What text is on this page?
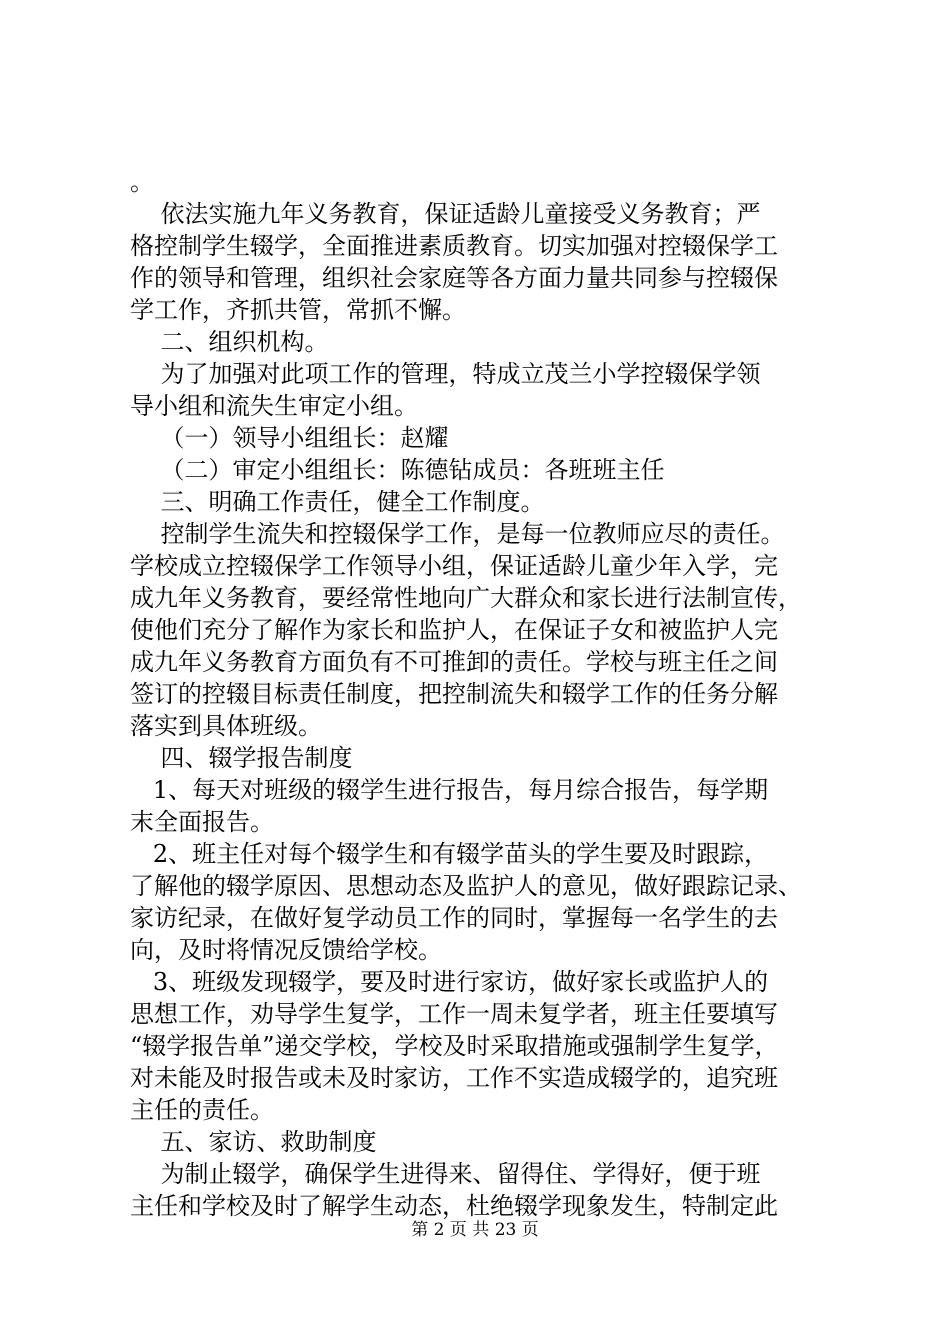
。
依法实施九年义务教育，保证适龄儿童接受义务教育；严
格控制学生辍学，全面推进素质教育。切实加强对控辍保学工
作的领导和管理，组织社会家庭等各方面力量共同参与控辍保
学工作，齐抓共管，常抓不懈。
二、组织机构。
为了加强对此项工作的管理，特成立茂兰小学控辍保学领
导小组和流失生审定小组。
（一）领导小组组长：赵耀
（二）审定小组组长：陈德钻成员：各班班主任
三、明确工作责任，健全工作制度。
控制学生流失和控辍保学工作，是每一位教师应尽的责任。
学校成立控辍保学工作领导小组，保证适龄儿童少年入学，完
成九年义务教育，要经常性地向广大群众和家长进行法制宣传，
使他们充分了解作为家长和监护人，在保证子女和被监护人完
成九年义务教育方面负有不可推卸的责任。学校与班主任之间
签订的控辍目标责任制度，把控制流失和辍学工作的任务分解
落实到具体班级。
四、辍学报告制度
1、每天对班级的辍学生进行报告，每月综合报告，每学期
末全面报告。
2、班主任对每个辍学生和有辍学苗头的学生要及时跟踪，
了解他的辍学原因、思想动态及监护人的意见，做好跟踪记录、
家访纪录，在做好复学动员工作的同时，掌握每一名学生的去
向，及时将情况反馈给学校。
3、班级发现辍学，要及时进行家访，做好家长或监护人的
思想工作，劝导学生复学，工作一周未复学者，班主任要填写
“辍学报告单”递交学校，学校及时采取措施或强制学生复学，
对未能及时报告或未及时家访，工作不实造成辍学的，追究班
主任的责任。
五、家访、救助制度
为制止辍学，确保学生进得来、留得住、学得好，便于班
主任和学校及时了解学生动态，杜绝辍学现象发生，特制定此
第 2 页 共 23 页
